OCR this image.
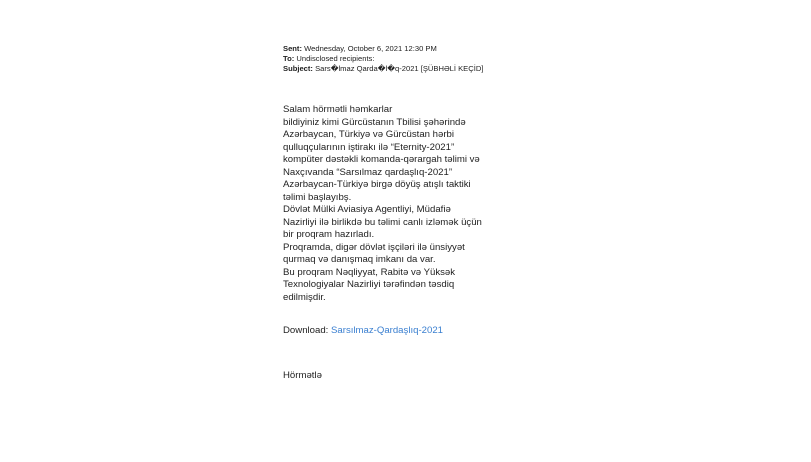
Sent: Wednesday, October 6, 2021 12:30 PM
To: Undisclosed recipients:
Subject: Sars�lmaz Qarda�l�q-2021 [ŞÜBHƏLİ KEÇİD]
Salam hörmətli həmkarlar
bildiyiniz kimi Gürcüstanın Tbilisi şəhərində
Azərbaycan, Türkiyə və Gürcüstan hərbi
qulluqçularının iştirakı ilə “Eternity-2021”
kompüter dəstəkli komanda-qərargah təlimi və
Naxçıvanda “Sarsılmaz qardaşlıq-2021”
Azərbaycan-Türkiyə birgə döyüş atışlı taktiki
təlimi başlayıbş.
Dövlət Mülki Aviasiya Agentliyi, Müdafiə
Nazirliyi ilə birlikdə bu təlimi canlı izləmək üçün
bir proqram hazırladı.
Proqramda, digər dövlət işçiləri ilə ünsiyyət
qurmaq və danışmaq imkanı da var.
Bu proqram Nəqliyyat, Rabitə və Yüksək
Texnologiyalar Nazirliyi tərəfindən təsdiq
edilmişdir.
Download: Sarsılmaz-Qardaşlıq-2021
Hörmətlə
